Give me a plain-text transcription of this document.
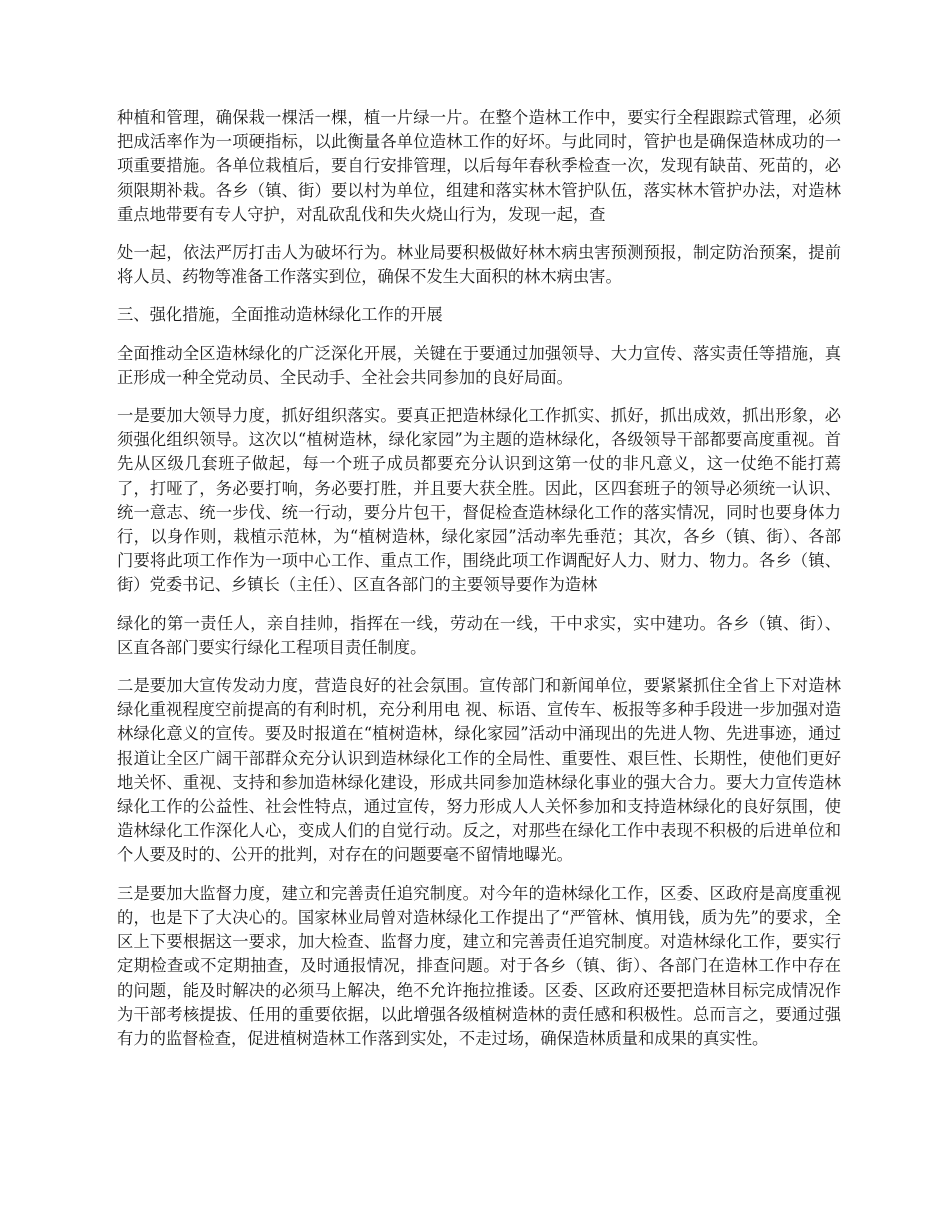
种植和管理，确保栽一棵活一棵，植一片绿一片。在整个造林工作中，要实行全程跟踪式管理，必须把成活率作为一项硬指标，以此衡量各单位造林工作的好坏。与此同时，管护也是确保造林成功的一项重要措施。各单位栽植后，要自行安排管理，以后每年春秋季检查一次，发现有缺苗、死苗的，必须限期补栽。各乡（镇、街）要以村为单位，组建和落实林木管护队伍，落实林木管护办法，对造林重点地带要有专人守护，对乱砍乱伐和失火烧山行为，发现一起，查

处一起，依法严厉打击人为破坏行为。林业局要积极做好林木病虫害预测预报，制定防治预案，提前将人员、药物等准备工作落实到位，确保不发生大面积的林木病虫害。

三、强化措施，全面推动造林绿化工作的开展

全面推动全区造林绿化的广泛深化开展，关键在于要通过加强领导、大力宣传、落实责任等措施，真正形成一种全党动员、全民动手、全社会共同参加的良好局面。

一是要加大领导力度，抓好组织落实。要真正把造林绿化工作抓实、抓好，抓出成效，抓出形象，必须强化组织领导。这次以“植树造林，绿化家园”为主题的造林绿化，各级领导干部都要高度重视。首先从区级几套班子做起，每一个班子成员都要充分认识到这第一仗的非凡意义，这一仗绝不能打蔫了，打哑了，务必要打响，务必要打胜，并且要大获全胜。因此，区四套班子的领导必须统一认识、统一意志、统一步伐、统一行动，要分片包干，督促检查造林绿化工作的落实情况，同时也要身体力行，以身作则，栽植示范林，为“植树造林，绿化家园”活动率先垂范；其次，各乡（镇、街）、各部门要将此项工作作为一项中心工作、重点工作，围绕此项工作调配好人力、财力、物力。各乡（镇、街）党委书记、乡镇长（主任）、区直各部门的主要领导要作为造林

绿化的第一责任人，亲自挂帅，指挥在一线，劳动在一线，干中求实，实中建功。各乡（镇、街）、区直各部门要实行绿化工程项目责任制度。

二是要加大宣传发动力度，营造良好的社会氛围。宣传部门和新闻单位，要紧紧抓住全省上下对造林绿化重视程度空前提高的有利时机，充分利用电 视、标语、宣传车、板报等多种手段进一步加强对造林绿化意义的宣传。要及时报道在“植树造林，绿化家园”活动中涌现出的先进人物、先进事迹，通过报道让全区广阔干部群众充分认识到造林绿化工作的全局性、重要性、艰巨性、长期性，使他们更好地关怀、重视、支持和参加造林绿化建设，形成共同参加造林绿化事业的强大合力。要大力宣传造林绿化工作的公益性、社会性特点，通过宣传，努力形成人人关怀参加和支持造林绿化的良好氛围，使造林绿化工作深化人心，变成人们的自觉行动。反之，对那些在绿化工作中表现不积极的后进单位和个人要及时的、公开的批判，对存在的问题要毫不留情地曝光。

三是要加大监督力度，建立和完善责任追究制度。对今年的造林绿化工作，区委、区政府是高度重视的，也是下了大决心的。国家林业局曾对造林绿化工作提出了“严管林、慎用钱，质为先”的要求，全区上下要根据这一要求，加大检查、监督力度，建立和完善责任追究制度。对造林绿化工作，要实行定期检查或不定期抽查，及时通报情况，排查问题。对于各乡（镇、街）、各部门在造林工作中存在的问题，能及时解决的必须马上解决，绝不允许拖拉推诿。区委、区政府还要把造林目标完成情况作为干部考核提拔、任用的重要依据，以此增强各级植树造林的责任感和积极性。总而言之，要通过强有力的监督检查，促进植树造林工作落到实处，不走过场，确保造林质量和成果的真实性。
